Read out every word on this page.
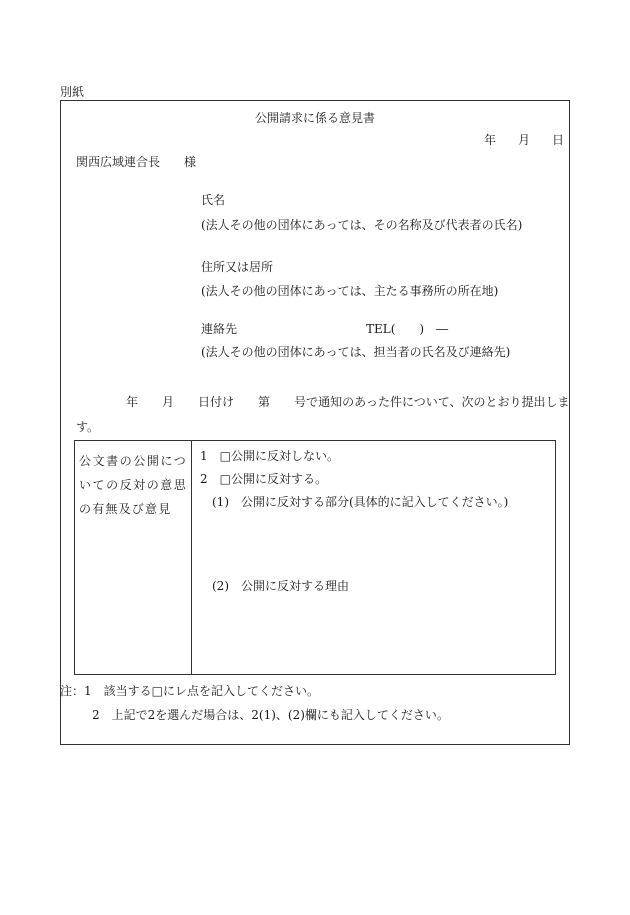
別紙
公開請求に係る意見書
年 月 日
関西広域連合長　　様
氏名
(法人その他の団体にあっては、その名称及び代表者の氏名)
住所又は居所
(法人その他の団体にあっては、主たる事務所の所在地)
連絡先	TEL(　　)　―
(法人その他の団体にあっては、担当者の氏名及び連絡先)
年 月 日付け 第 号で通知のあった件について、次のとおり提出しま
す。
公文書の公開についての反対の意思の有無及び意見
1　□公開に反対しない。
2　□公開に反対する。
(1)　公開に反対する部分(具体的に記入してください。)
(2)　公開に反対する理由
注：1　該当する□にレ点を記入してください。
2　上記で2を選んだ場合は、2(1)、(2)欄にも記入してください。
